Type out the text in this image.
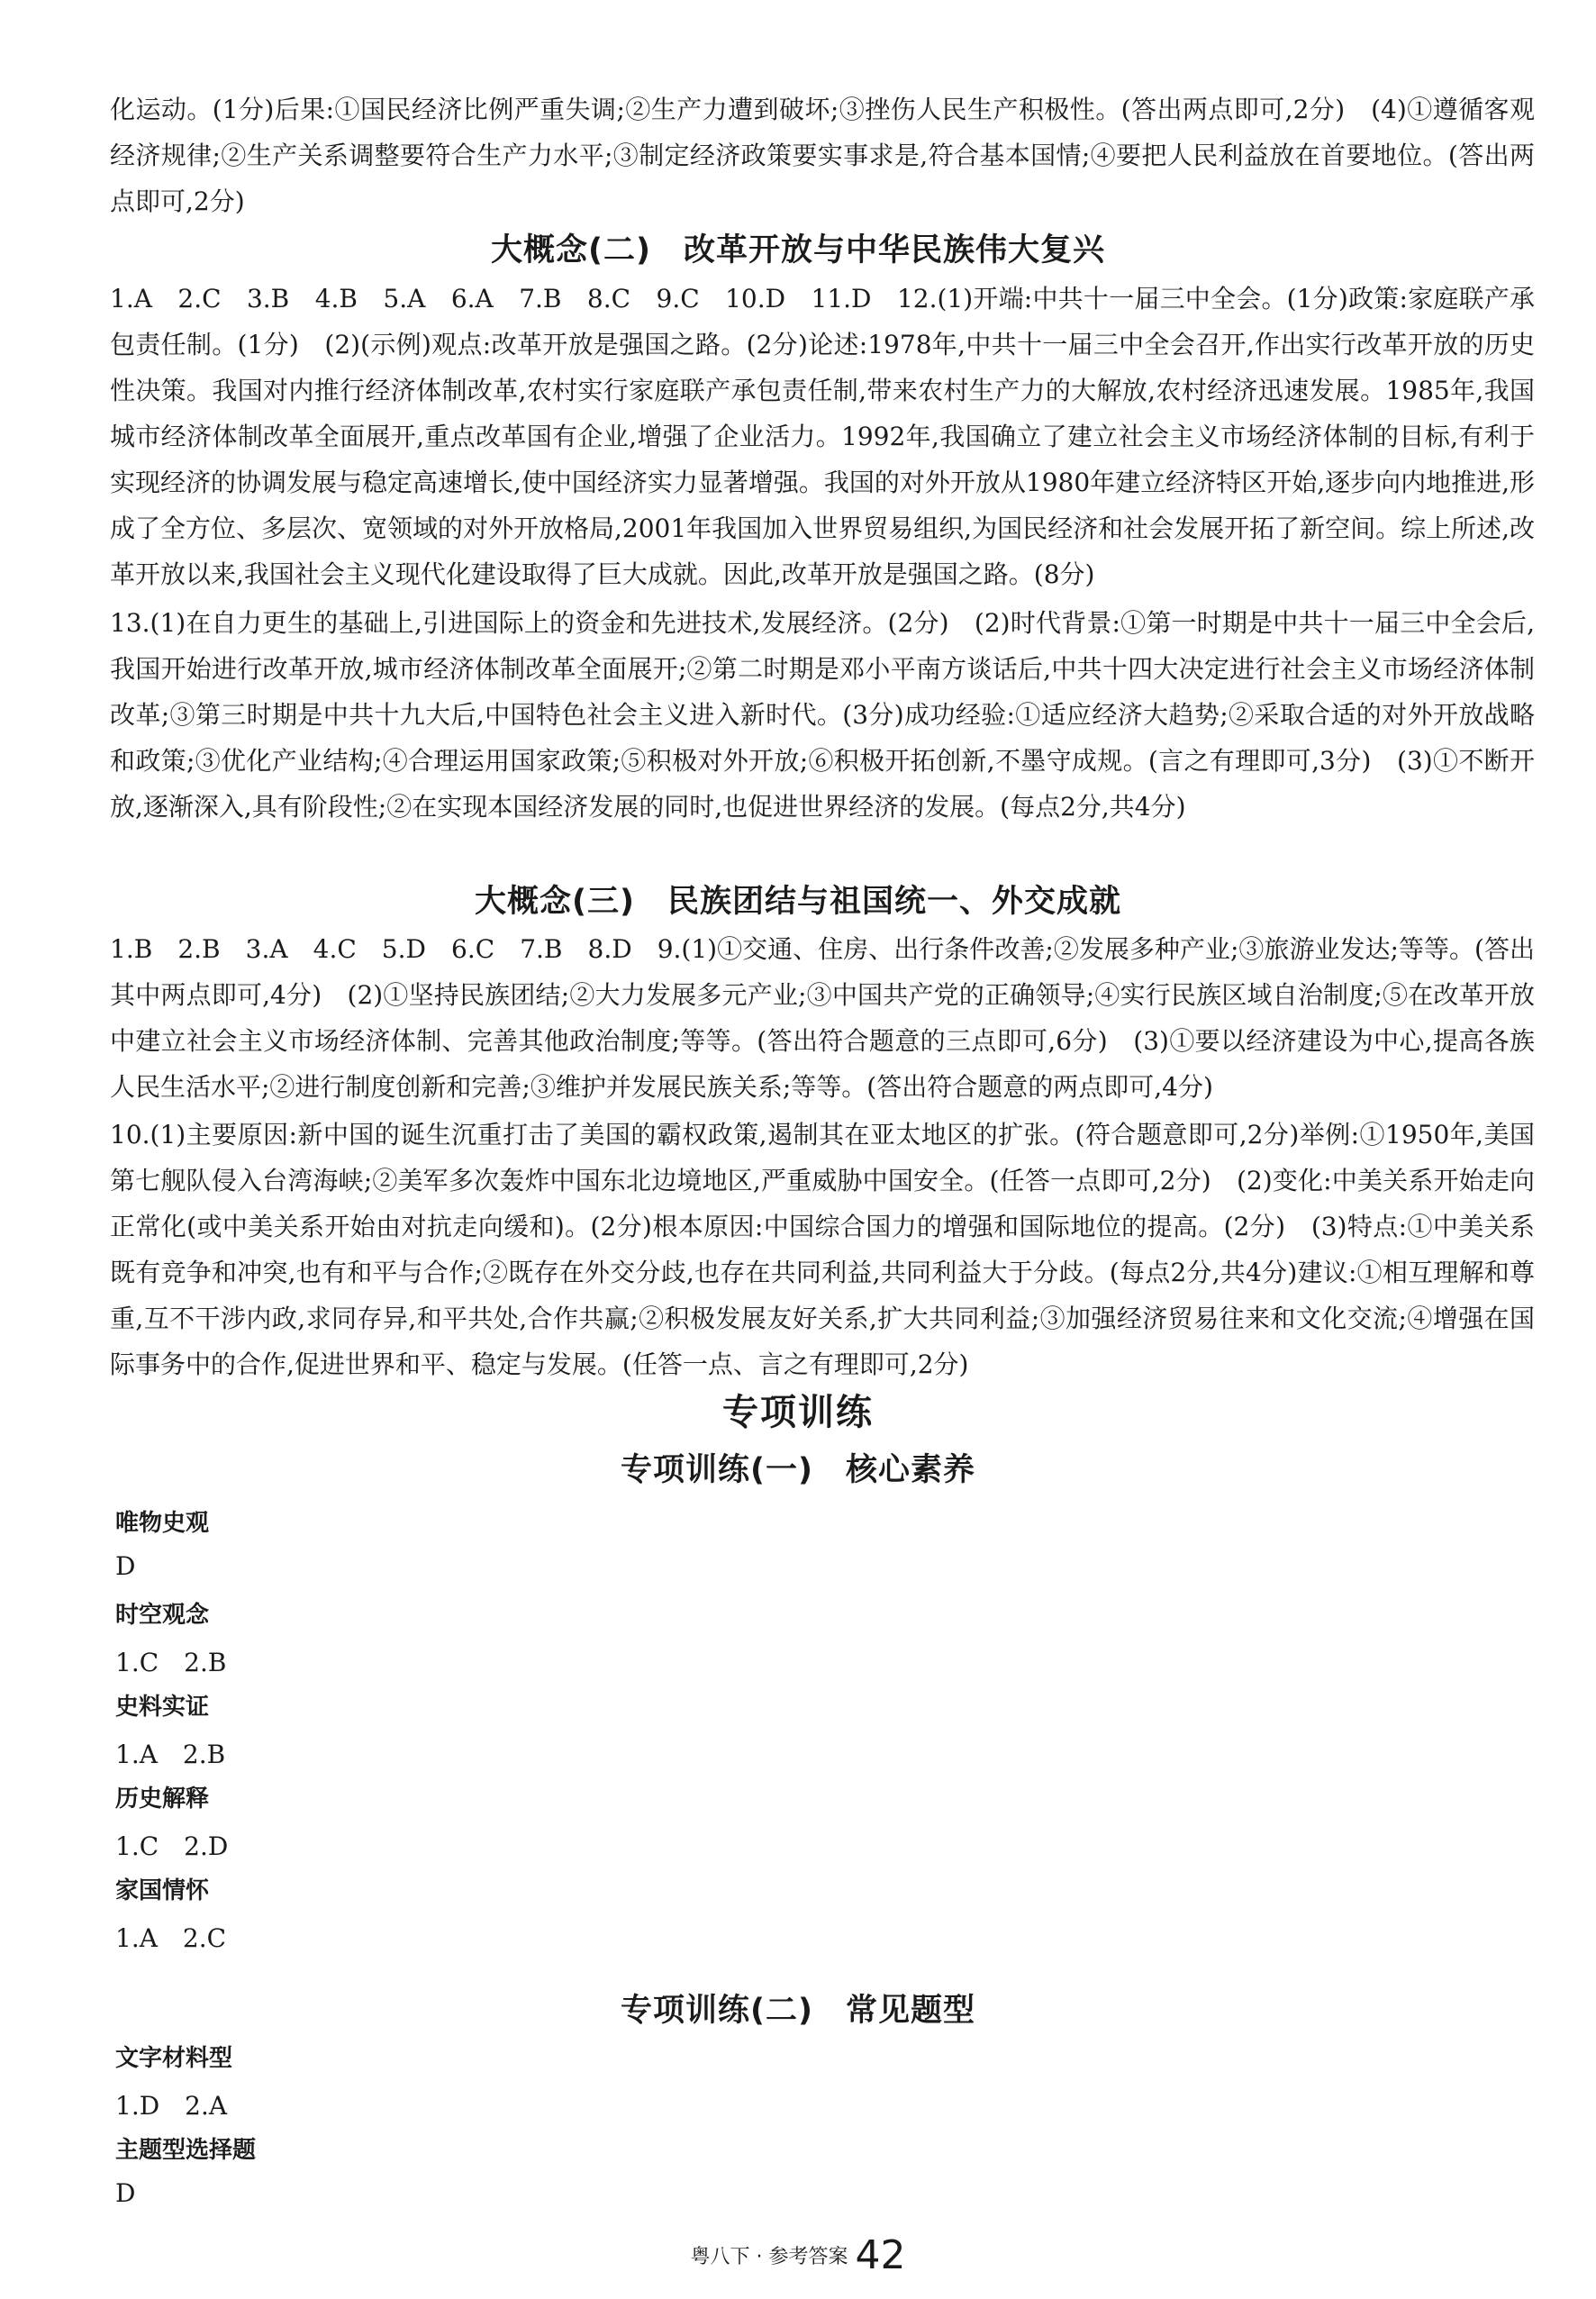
化运动。(1分)后果:①国民经济比例严重失调;②生产力遭到破坏;③挫伤人民生产积极性。(答出两点即可,2分)　(4)①遵循客观经济规律;②生产关系调整要符合生产力水平;③制定经济政策要实事求是,符合基本国情;④要把人民利益放在首要地位。(答出两点即可,2分)
大概念(二)　改革开放与中华民族伟大复兴
1.A　2.C　3.B　4.B　5.A　6.A　7.B　8.C　9.C　10.D　11.D　12.(1)开端:中共十一届三中全会。(1分)政策:家庭联产承包责任制。(1分)　(2)(示例)观点:改革开放是强国之路。(2分)论述:1978年,中共十一届三中全会召开,作出实行改革开放的历史性决策。我国对内推行经济体制改革,农村实行家庭联产承包责任制,带来农村生产力的大解放,农村经济迅速发展。1985年,我国城市经济体制改革全面展开,重点改革国有企业,增强了企业活力。1992年,我国确立了建立社会主义市场经济体制的目标,有利于实现经济的协调发展与稳定高速增长,使中国经济实力显著增强。我国的对外开放从1980年建立经济特区开始,逐步向内地推进,形成了全方位、多层次、宽领域的对外开放格局,2001年我国加入世界贸易组织,为国民经济和社会发展开拓了新空间。综上所述,改革开放以来,我国社会主义现代化建设取得了巨大成就。因此,改革开放是强国之路。(8分)
13.(1)在自力更生的基础上,引进国际上的资金和先进技术,发展经济。(2分)　(2)时代背景:①第一时期是中共十一届三中全会后,我国开始进行改革开放,城市经济体制改革全面展开;②第二时期是邓小平南方谈话后,中共十四大决定进行社会主义市场经济体制改革;③第三时期是中共十九大后,中国特色社会主义进入新时代。(3分)成功经验:①适应经济大趋势;②采取合适的对外开放战略和政策;③优化产业结构;④合理运用国家政策;⑤积极对外开放;⑥积极开拓创新,不墨守成规。(言之有理即可,3分)　(3)①不断开放,逐渐深入,具有阶段性;②在实现本国经济发展的同时,也促进世界经济的发展。(每点2分,共4分)
大概念(三)　民族团结与祖国统一、外交成就
1.B　2.B　3.A　4.C　5.D　6.C　7.B　8.D　9.(1)①交通、住房、出行条件改善;②发展多种产业;③旅游业发达;等等。(答出其中两点即可,4分)　(2)①坚持民族团结;②大力发展多元产业;③中国共产党的正确领导;④实行民族区域自治制度;⑤在改革开放中建立社会主义市场经济体制、完善其他政治制度;等等。(答出符合题意的三点即可,6分)　(3)①要以经济建设为中心,提高各族人民生活水平;②进行制度创新和完善;③维护并发展民族关系;等等。(答出符合题意的两点即可,4分)
10.(1)主要原因:新中国的诞生沉重打击了美国的霸权政策,遏制其在亚太地区的扩张。(符合题意即可,2分)举例:①1950年,美国第七舰队侵入台湾海峡;②美军多次轰炸中国东北边境地区,严重威胁中国安全。(任答一点即可,2分)　(2)变化:中美关系开始走向正常化(或中美关系开始由对抗走向缓和)。(2分)根本原因:中国综合国力的增强和国际地位的提高。(2分)　(3)特点:①中美关系既有竞争和冲突,也有和平与合作;②既存在外交分歧,也存在共同利益,共同利益大于分歧。(每点2分,共4分)建议:①相互理解和尊重,互不干涉内政,求同存异,和平共处,合作共赢;②积极发展友好关系,扩大共同利益;③加强经济贸易往来和文化交流;④增强在国际事务中的合作,促进世界和平、稳定与发展。(任答一点、言之有理即可,2分)
专项训练
专项训练(一)　核心素养
唯物史观
D
时空观念
1.C　2.B
史料实证
1.A　2.B
历史解释
1.C　2.D
家国情怀
1.A　2.C
专项训练(二)　常见题型
文字材料型
1.D　2.A
主题型选择题
D
粤八下 · 参考答案 42
